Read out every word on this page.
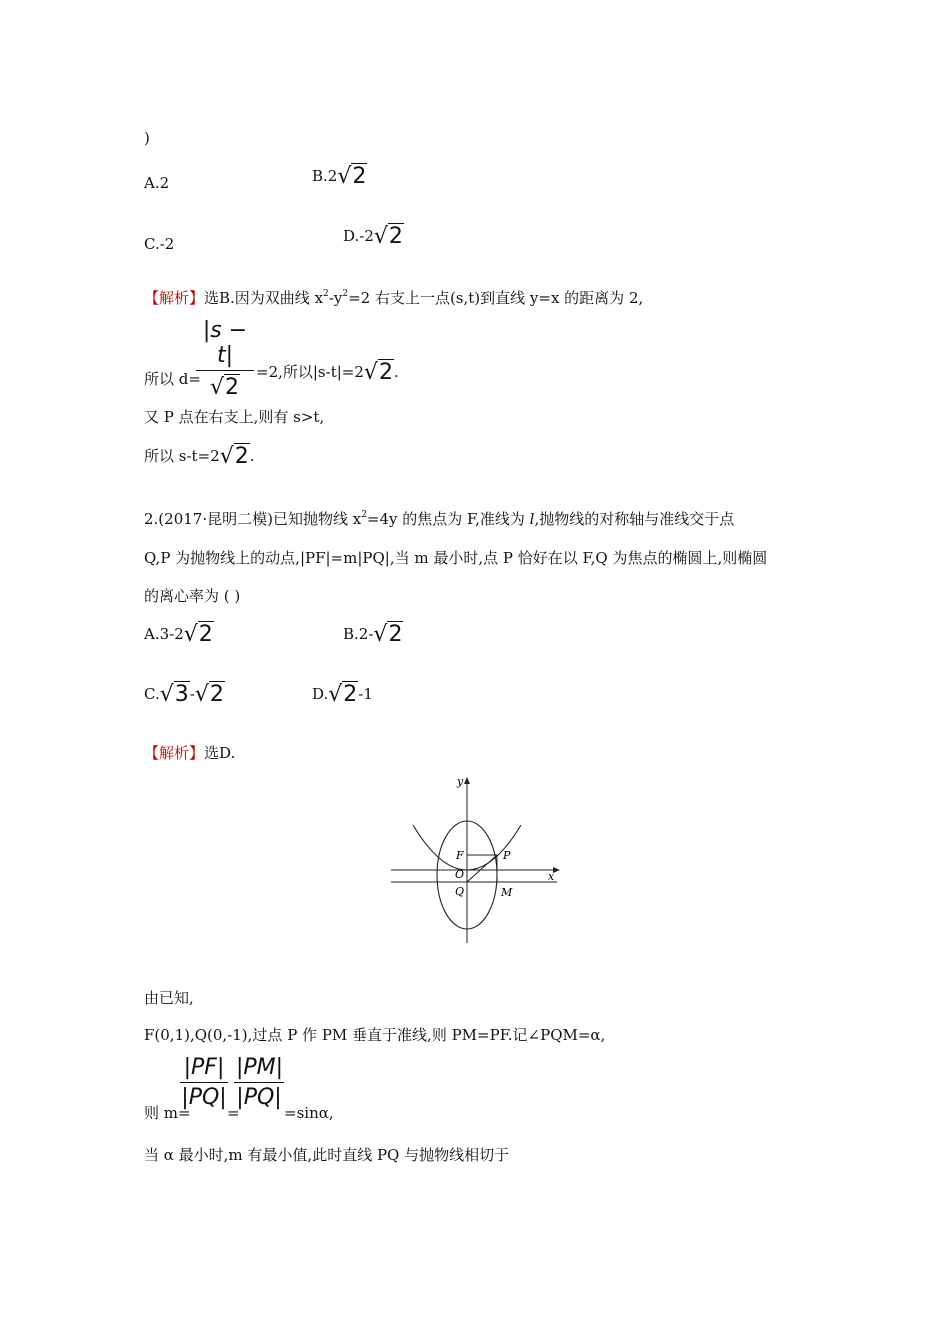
)
A.2	B.2√2
C.-2	D.-2√2
【解析】选B.因为双曲线 $x^2-y^2=2$ 右支上一点(s,t)到直线 y=x 的距离为 2,
$\frac{|s - t|}{√2}$
所以 d=	=2,所以|s-t|=2√2.
又 P 点在右支上,则有 s>t,
所以 s-t=2√2.
2.(2017·昆明二模)已知抛物线 $x^2=4y$ 的焦点为 F,准线为 l,抛物线的对称轴与准线交于点
Q,P 为抛物线上的动点,|PF|=m|PQ|,当 m 最小时,点 P 恰好在以 F,Q 为焦点的椭圆上,则椭圆
的离心率为 ( )
A.3-2√2	B.2-√2
C.√3-√2	D.√2-1
【解析】选D.
y
x
F	P
O
Q	M
由已知,
F(0,1),Q(0,-1),过点 P 作 PM 垂直于准线,则 PM=PF.记∠PQM=α,
$\frac{|PF|}{|PQ|} \frac{|PM|}{|PQ|}$
则 m= =	=sinα,
当 α 最小时,m 有最小值,此时直线 PQ 与抛物线相切于
